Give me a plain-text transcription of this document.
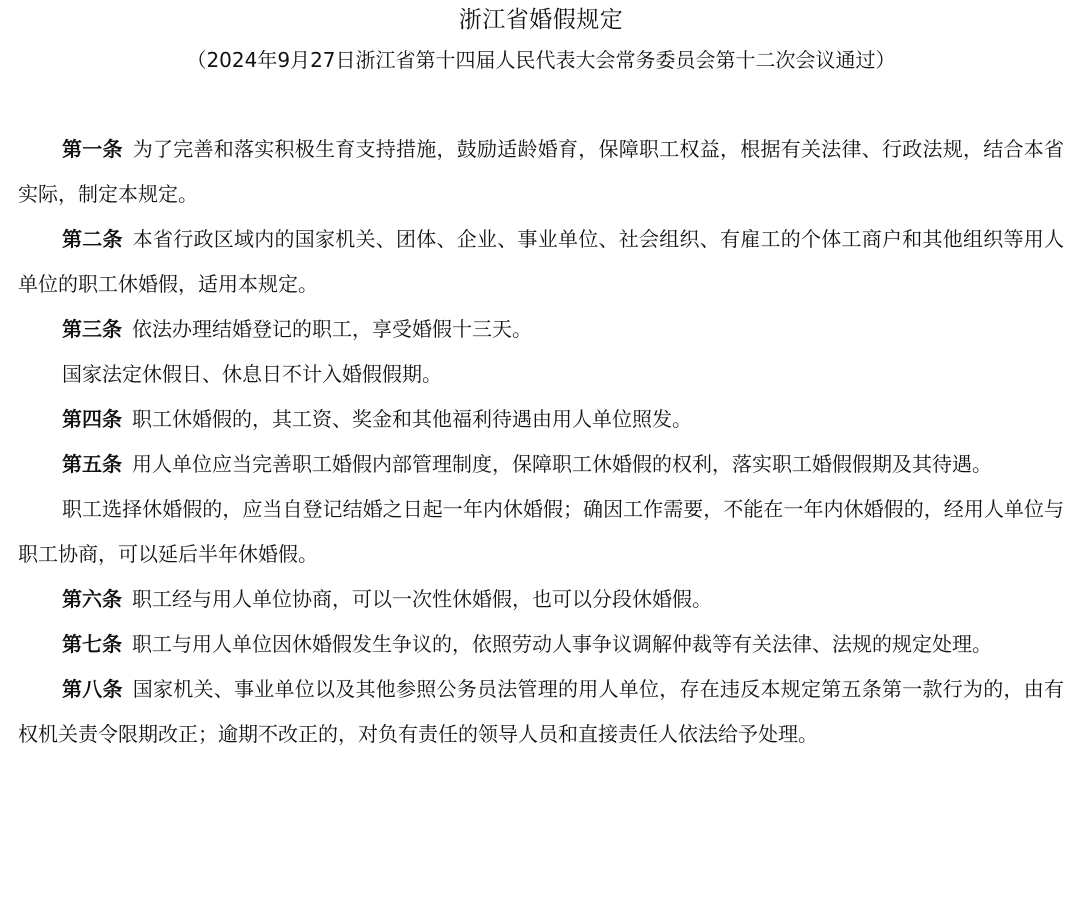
浙江省婚假规定
（2024年9月27日浙江省第十四届人民代表大会常务委员会第十二次会议通过）

第一条 为了完善和落实积极生育支持措施，鼓励适龄婚育，保障职工权益，根据有关法律、行政法规，结合本省实际，制定本规定。

第二条 本省行政区域内的国家机关、团体、企业、事业单位、社会组织、有雇工的个体工商户和其他组织等用人单位的职工休婚假，适用本规定。

第三条 依法办理结婚登记的职工，享受婚假十三天。

国家法定休假日、休息日不计入婚假假期。

第四条 职工休婚假的，其工资、奖金和其他福利待遇由用人单位照发。

第五条 用人单位应当完善职工婚假内部管理制度，保障职工休婚假的权利，落实职工婚假假期及其待遇。

职工选择休婚假的，应当自登记结婚之日起一年内休婚假；确因工作需要，不能在一年内休婚假的，经用人单位与职工协商，可以延后半年休婚假。

第六条 职工经与用人单位协商，可以一次性休婚假，也可以分段休婚假。

第七条 职工与用人单位因休婚假发生争议的，依照劳动人事争议调解仲裁等有关法律、法规的规定处理。

第八条 国家机关、事业单位以及其他参照公务员法管理的用人单位，存在违反本规定第五条第一款行为的，由有权机关责令限期改正；逾期不改正的，对负有责任的领导人员和直接责任人依法给予处理。
